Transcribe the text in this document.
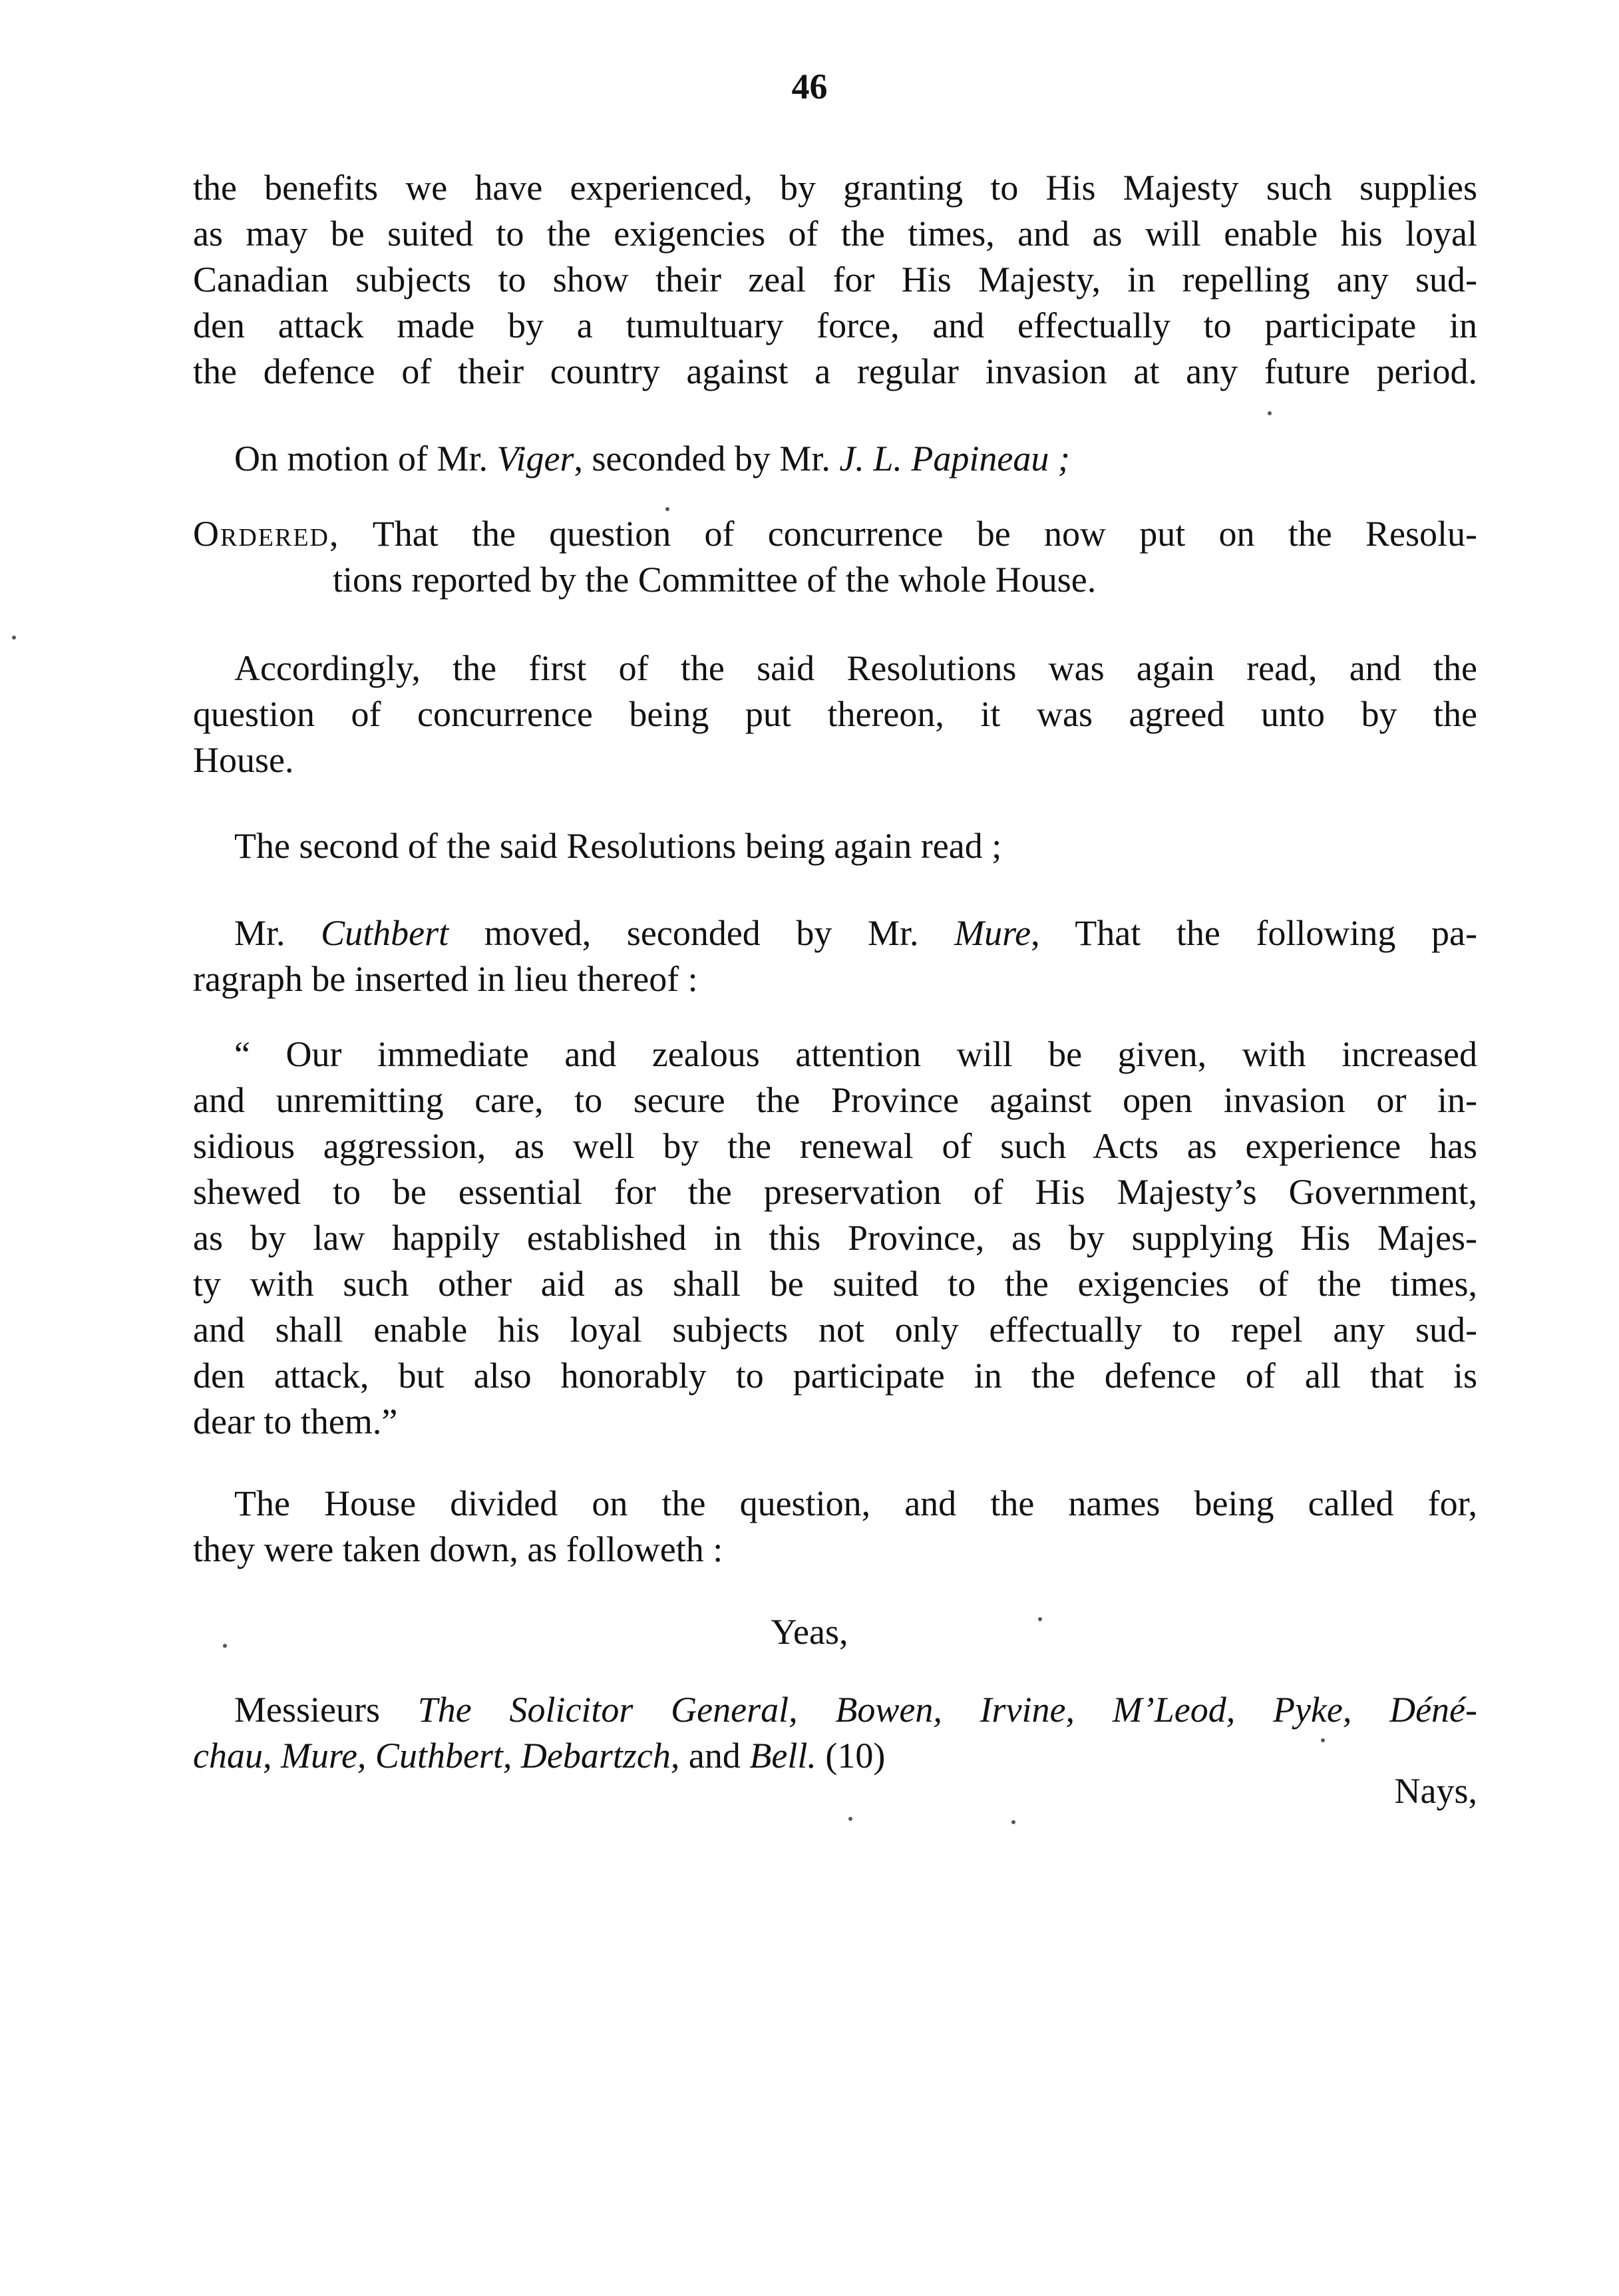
46
the benefits we have experienced, by granting to His Majesty such supplies
as may be suited to the exigencies of the times, and as will enable his loyal
Canadian subjects to show their zeal for His Majesty, in repelling any sud-
den attack made by a tumultuary force, and effectually to participate in
the defence of their country against a regular invasion at any future period.
On motion of Mr. Viger, seconded by Mr. J. L. Papineau ;
Ordered, That the question of concurrence be now put on the Resolu-
tions reported by the Committee of the whole House.
Accordingly, the first of the said Resolutions was again read, and the
question of concurrence being put thereon, it was agreed unto by the
House.
The second of the said Resolutions being again read ;
Mr. Cuthbert moved, seconded by Mr. Mure, That the following pa-
ragraph be inserted in lieu thereof :
“ Our immediate and zealous attention will be given, with increased
and unremitting care, to secure the Province against open invasion or in-
sidious aggression, as well by the renewal of such Acts as experience has
shewed to be essential for the preservation of His Majesty’s Government,
as by law happily established in this Province, as by supplying His Majes-
ty with such other aid as shall be suited to the exigencies of the times,
and shall enable his loyal subjects not only effectually to repel any sud-
den attack, but also honorably to participate in the defence of all that is
dear to them.”
The House divided on the question, and the names being called for,
they were taken down, as followeth :
Yeas,
Messieurs The Solicitor General, Bowen, Irvine, M’Leod, Pyke, Déné-
chau, Mure, Cuthbert, Debartzch, and Bell. (10)
Nays,
